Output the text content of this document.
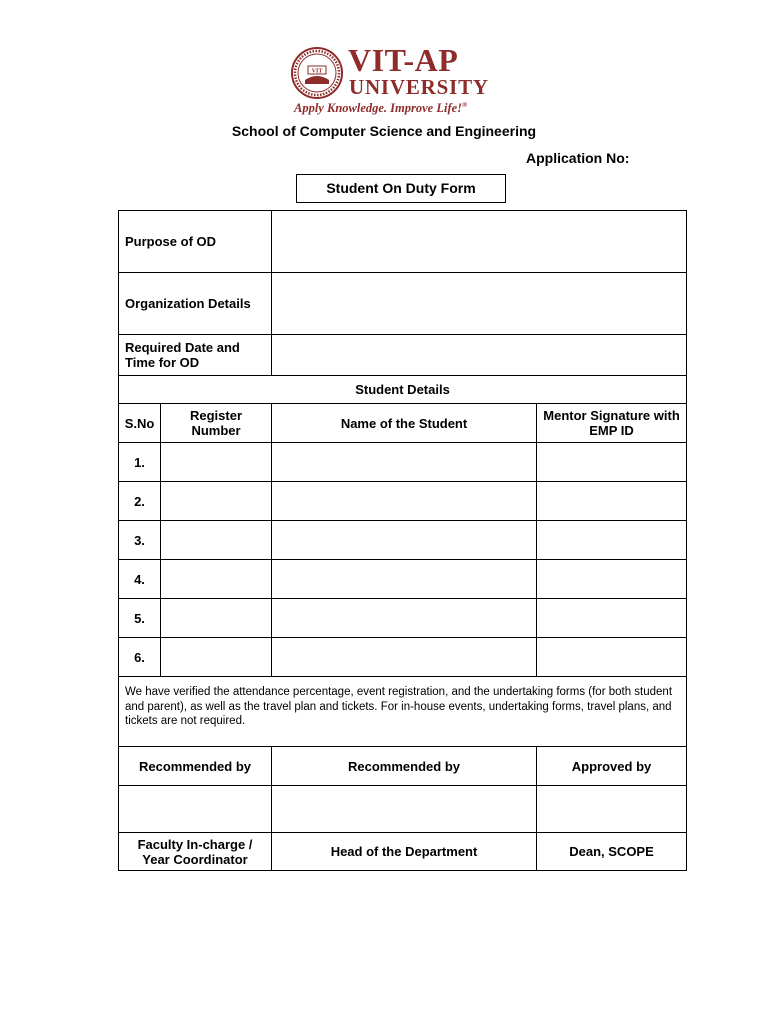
VIT VIT-AP
UNIVERSITY
Apply Knowledge. Improve Life!®
School of Computer Science and Engineering
Application No:
Student On Duty Form
Purpose of OD			
Organization Details			
Required Date and Time for OD			
Student Details			
S.No	Register Number	Name of the Student	Mentor Signature with EMP ID
1.			
2.			
3.			
4.			
5.			
6.			
We have verified the attendance percentage, event registration, and the undertaking forms (for both student and parent), as well as the travel plan and tickets. For in-house events, undertaking forms, travel plans, and tickets are not required.			
Recommended by		Recommended by	Approved by

Faculty In-charge / Year Coordinator		Head of the Department	Dean, SCOPE
